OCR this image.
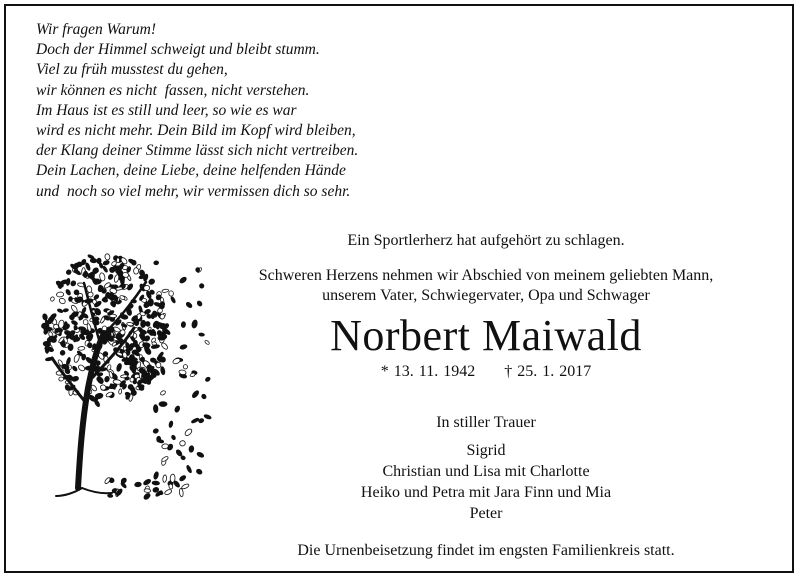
Wir fragen Warum!
Doch der Himmel schweigt und bleibt stumm.
Viel zu früh musstest du gehen,
wir können es nicht  fassen, nicht verstehen.
Im Haus ist es still und leer, so wie es war
wird es nicht mehr. Dein Bild im Kopf wird bleiben,
der Klang deiner Stimme lässt sich nicht vertreiben.
Dein Lachen, deine Liebe, deine helfenden Hände
und  noch so viel mehr, wir vermissen dich so sehr.
Ein Sportlerherz hat aufgehört zu schlagen.
Schweren Herzens nehmen wir Abschied von meinem geliebten Mann,
unserem Vater, Schwiegervater, Opa und Schwager
Norbert Maiwald
* 13. 11. 1942 † 25. 1. 2017
In stiller Trauer
Sigrid
Christian und Lisa mit Charlotte
Heiko und Petra mit Jara Finn und Mia
Peter
Die Urnenbeisetzung findet im engsten Familienkreis statt.
